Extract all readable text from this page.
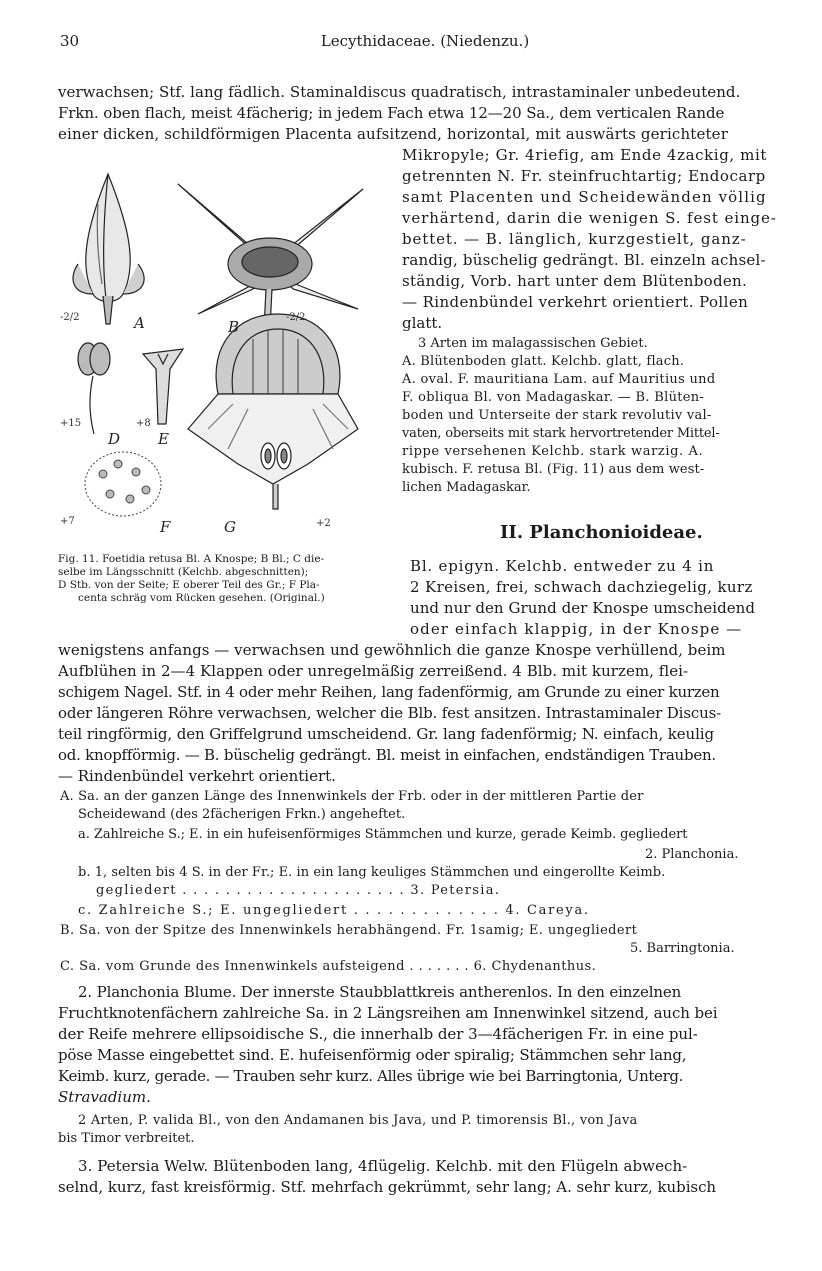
30	Lecythidaceae. (Niedenzu.)
verwachsen; Stf. lang fädlich. Staminaldiscus quadratisch, intrastaminaler unbedeutend.
Frkn. oben flach, meist 4fächerig; in jedem Fach etwa 12—20 Sa., dem verticalen Rande
einer dicken, schildförmigen Placenta aufsitzend, horizontal, mit auswärts gerichteter
Mikropyle; Gr. 4riefig, am Ende 4zackig, mit
getrennten N. Fr. steinfruchtartig; Endocarp
samt Placenten und Scheidewänden völlig
verhärtend, darin die wenigen S. fest einge-
bettet. — B. länglich, kurzgestielt, ganz-
randig, büschelig gedrängt. Bl. einzeln achsel-
ständig, Vorb. hart unter dem Blütenboden.
— Rindenbündel verkehrt orientiert. Pollen
glatt.
3 Arten im malagassischen Gebiet.
A. Blütenboden glatt. Kelchb. glatt, flach.
A. oval. F. mauritiana Lam. auf Mauritius und
F. obliqua Bl. von Madagaskar. — B. Blüten-
boden und Unterseite der stark revolutiv val-
vaten, oberseits mit stark hervortretender Mittel-
rippe versehenen Kelchb. stark warzig. A.
kubisch. F. retusa Bl. (Fig. 11) aus dem west-
lichen Madagaskar.
A	B
D	E
F	G
-2/2	-2/2
+15	+8
+7	+2
Fig. 11. Foetidia retusa Bl. A Knospe; B Bl.; C die-
selbe im Längsschnitt (Kelchb. abgeschnitten);
D Stb. von der Seite; E oberer Teil des Gr.; F Pla-
centa schräg vom Rücken gesehen. (Original.)
II. Planchonioideae.
Bl. epigyn. Kelchb. entweder zu 4 in
2 Kreisen, frei, schwach dachziegelig, kurz
und nur den Grund der Knospe umscheidend
oder einfach klappig, in der Knospe —
wenigstens anfangs — verwachsen und gewöhnlich die ganze Knospe verhüllend, beim
Aufblühen in 2—4 Klappen oder unregelmäßig zerreißend. 4 Blb. mit kurzem, flei-
schigem Nagel. Stf. in 4 oder mehr Reihen, lang fadenförmig, am Grunde zu einer kurzen
oder längeren Röhre verwachsen, welcher die Blb. fest ansitzen. Intrastaminaler Discus-
teil ringförmig, den Griffelgrund umscheidend. Gr. lang fadenförmig; N. einfach, keulig
od. knopfförmig. — B. büschelig gedrängt. Bl. meist in einfachen, endständigen Trauben.
— Rindenbündel verkehrt orientiert.
A. Sa. an der ganzen Länge des Innenwinkels der Frb. oder in der mittleren Partie der
Scheidewand (des 2fächerigen Frkn.) angeheftet.
a. Zahlreiche S.; E. in ein hufeisenförmiges Stämmchen und kurze, gerade Keimb. gegliedert
2. Planchonia.
b. 1, selten bis 4 S. in der Fr.; E. in ein lang keuliges Stämmchen und eingerollte Keimb.
gegliedert . . . . . . . . . . . . . . . . . . . . . 3. Petersia.
c. Zahlreiche S.; E. ungegliedert . . . . . . . . . . . . . 4. Careya.
B. Sa. von der Spitze des Innenwinkels herabhängend. Fr. 1samig; E. ungegliedert
5. Barringtonia.
C. Sa. vom Grunde des Innenwinkels aufsteigend . . . . . . . 6. Chydenanthus.
2. Planchonia Blume. Der innerste Staubblattkreis antherenlos. In den einzelnen
Fruchtknotenfächern zahlreiche Sa. in 2 Längsreihen am Innenwinkel sitzend, auch bei
der Reife mehrere ellipsoidische S., die innerhalb der 3—4fächerigen Fr. in eine pul-
pöse Masse eingebettet sind. E. hufeisenförmig oder spiralig; Stämmchen sehr lang,
Keimb. kurz, gerade. — Trauben sehr kurz. Alles übrige wie bei Barringtonia, Unterg.
Stravadium.
2 Arten, P. valida Bl., von den Andamanen bis Java, und P. timorensis Bl., von Java
bis Timor verbreitet.
3. Petersia Welw. Blütenboden lang, 4flügelig. Kelchb. mit den Flügeln abwech-
selnd, kurz, fast kreisförmig. Stf. mehrfach gekrümmt, sehr lang; A. sehr kurz, kubisch
